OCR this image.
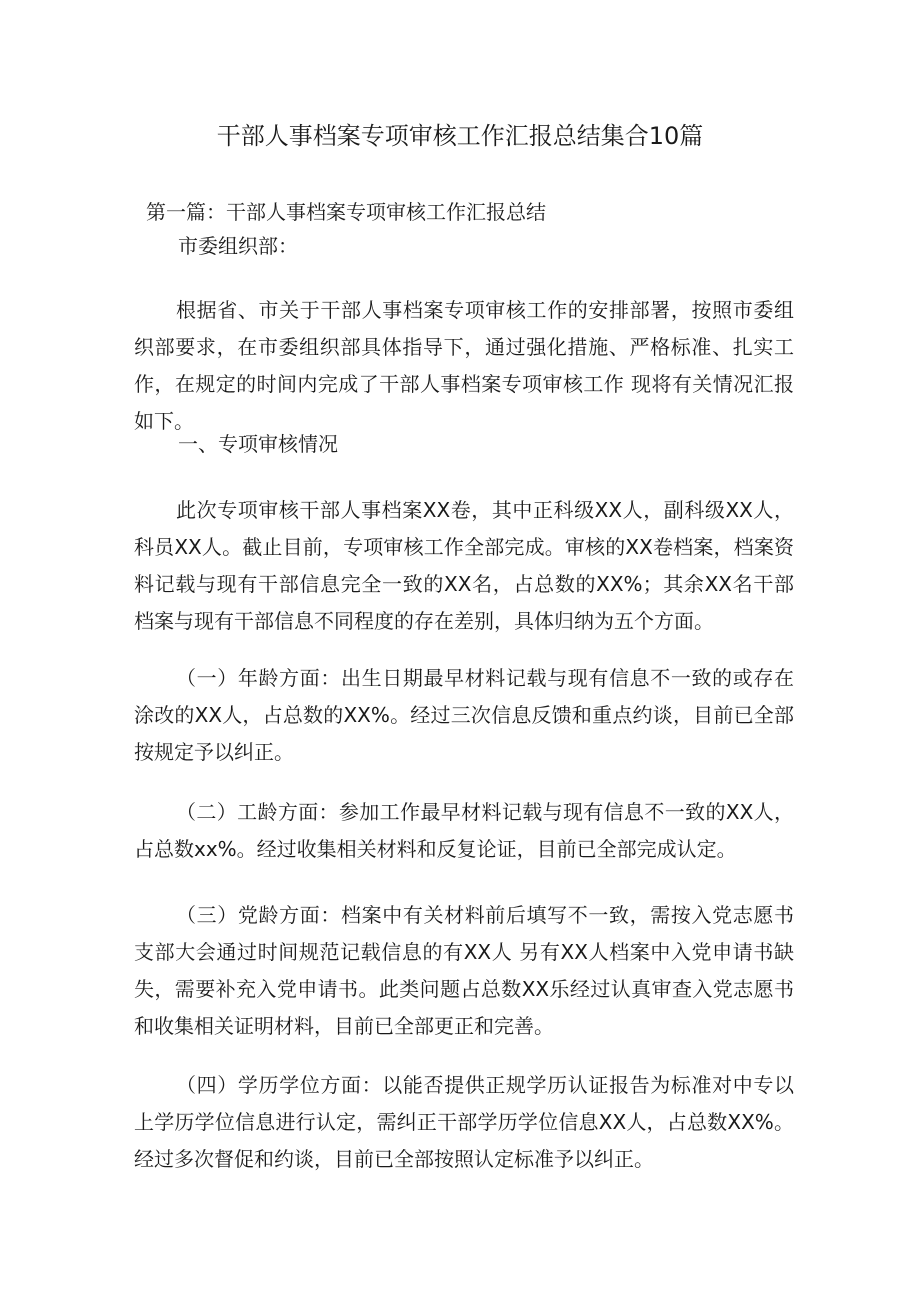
干部人事档案专项审核工作汇报总结集合10篇
第一篇：干部人事档案专项审核工作汇报总结
市委组织部：
根据省、市关于干部人事档案专项审核工作的安排部署，按照市委组织部要求，在市委组织部具体指导下，通过强化措施、严格标准、扎实工作，在规定的时间内完成了干部人事档案专项审核工作 现将有关情况汇报如下。
一、专项审核情况
此次专项审核干部人事档案XX卷，其中正科级XX人，副科级XX人，科员XX人。截止目前，专项审核工作全部完成。审核的XX卷档案，档案资料记载与现有干部信息完全一致的XX名，占总数的XX%；其余XX名干部档案与现有干部信息不同程度的存在差别，具体归纳为五个方面。
（一）年龄方面：出生日期最早材料记载与现有信息不一致的或存在涂改的XX人，占总数的XX%。经过三次信息反馈和重点约谈，目前已全部按规定予以纠正。
（二）工龄方面：参加工作最早材料记载与现有信息不一致的XX人，占总数xx%。经过收集相关材料和反复论证，目前已全部完成认定。
（三）党龄方面：档案中有关材料前后填写不一致，需按入党志愿书支部大会通过时间规范记载信息的有XX人 另有XX人档案中入党申请书缺失，需要补充入党申请书。此类问题占总数XX乐经过认真审查入党志愿书和收集相关证明材料，目前已全部更正和完善。
（四）学历学位方面：以能否提供正规学历认证报告为标准对中专以上学历学位信息进行认定，需纠正干部学历学位信息XX人，占总数XX%。经过多次督促和约谈，目前已全部按照认定标准予以纠正。
